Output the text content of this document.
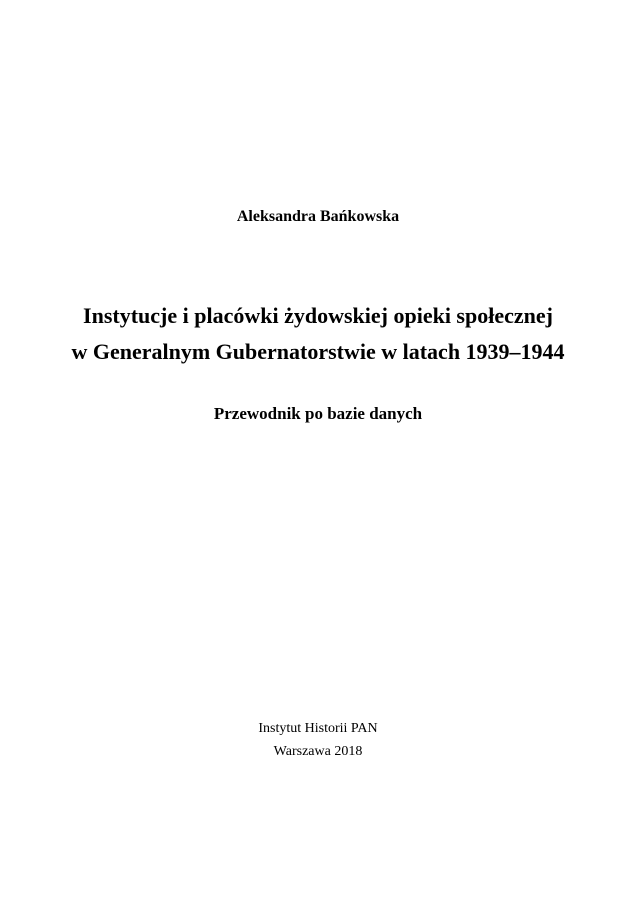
Aleksandra Bańkowska
Instytucje i placówki żydowskiej opieki społecznej
w Generalnym Gubernatorstwie w latach 1939–1944
Przewodnik po bazie danych
Instytut Historii PAN
Warszawa 2018
